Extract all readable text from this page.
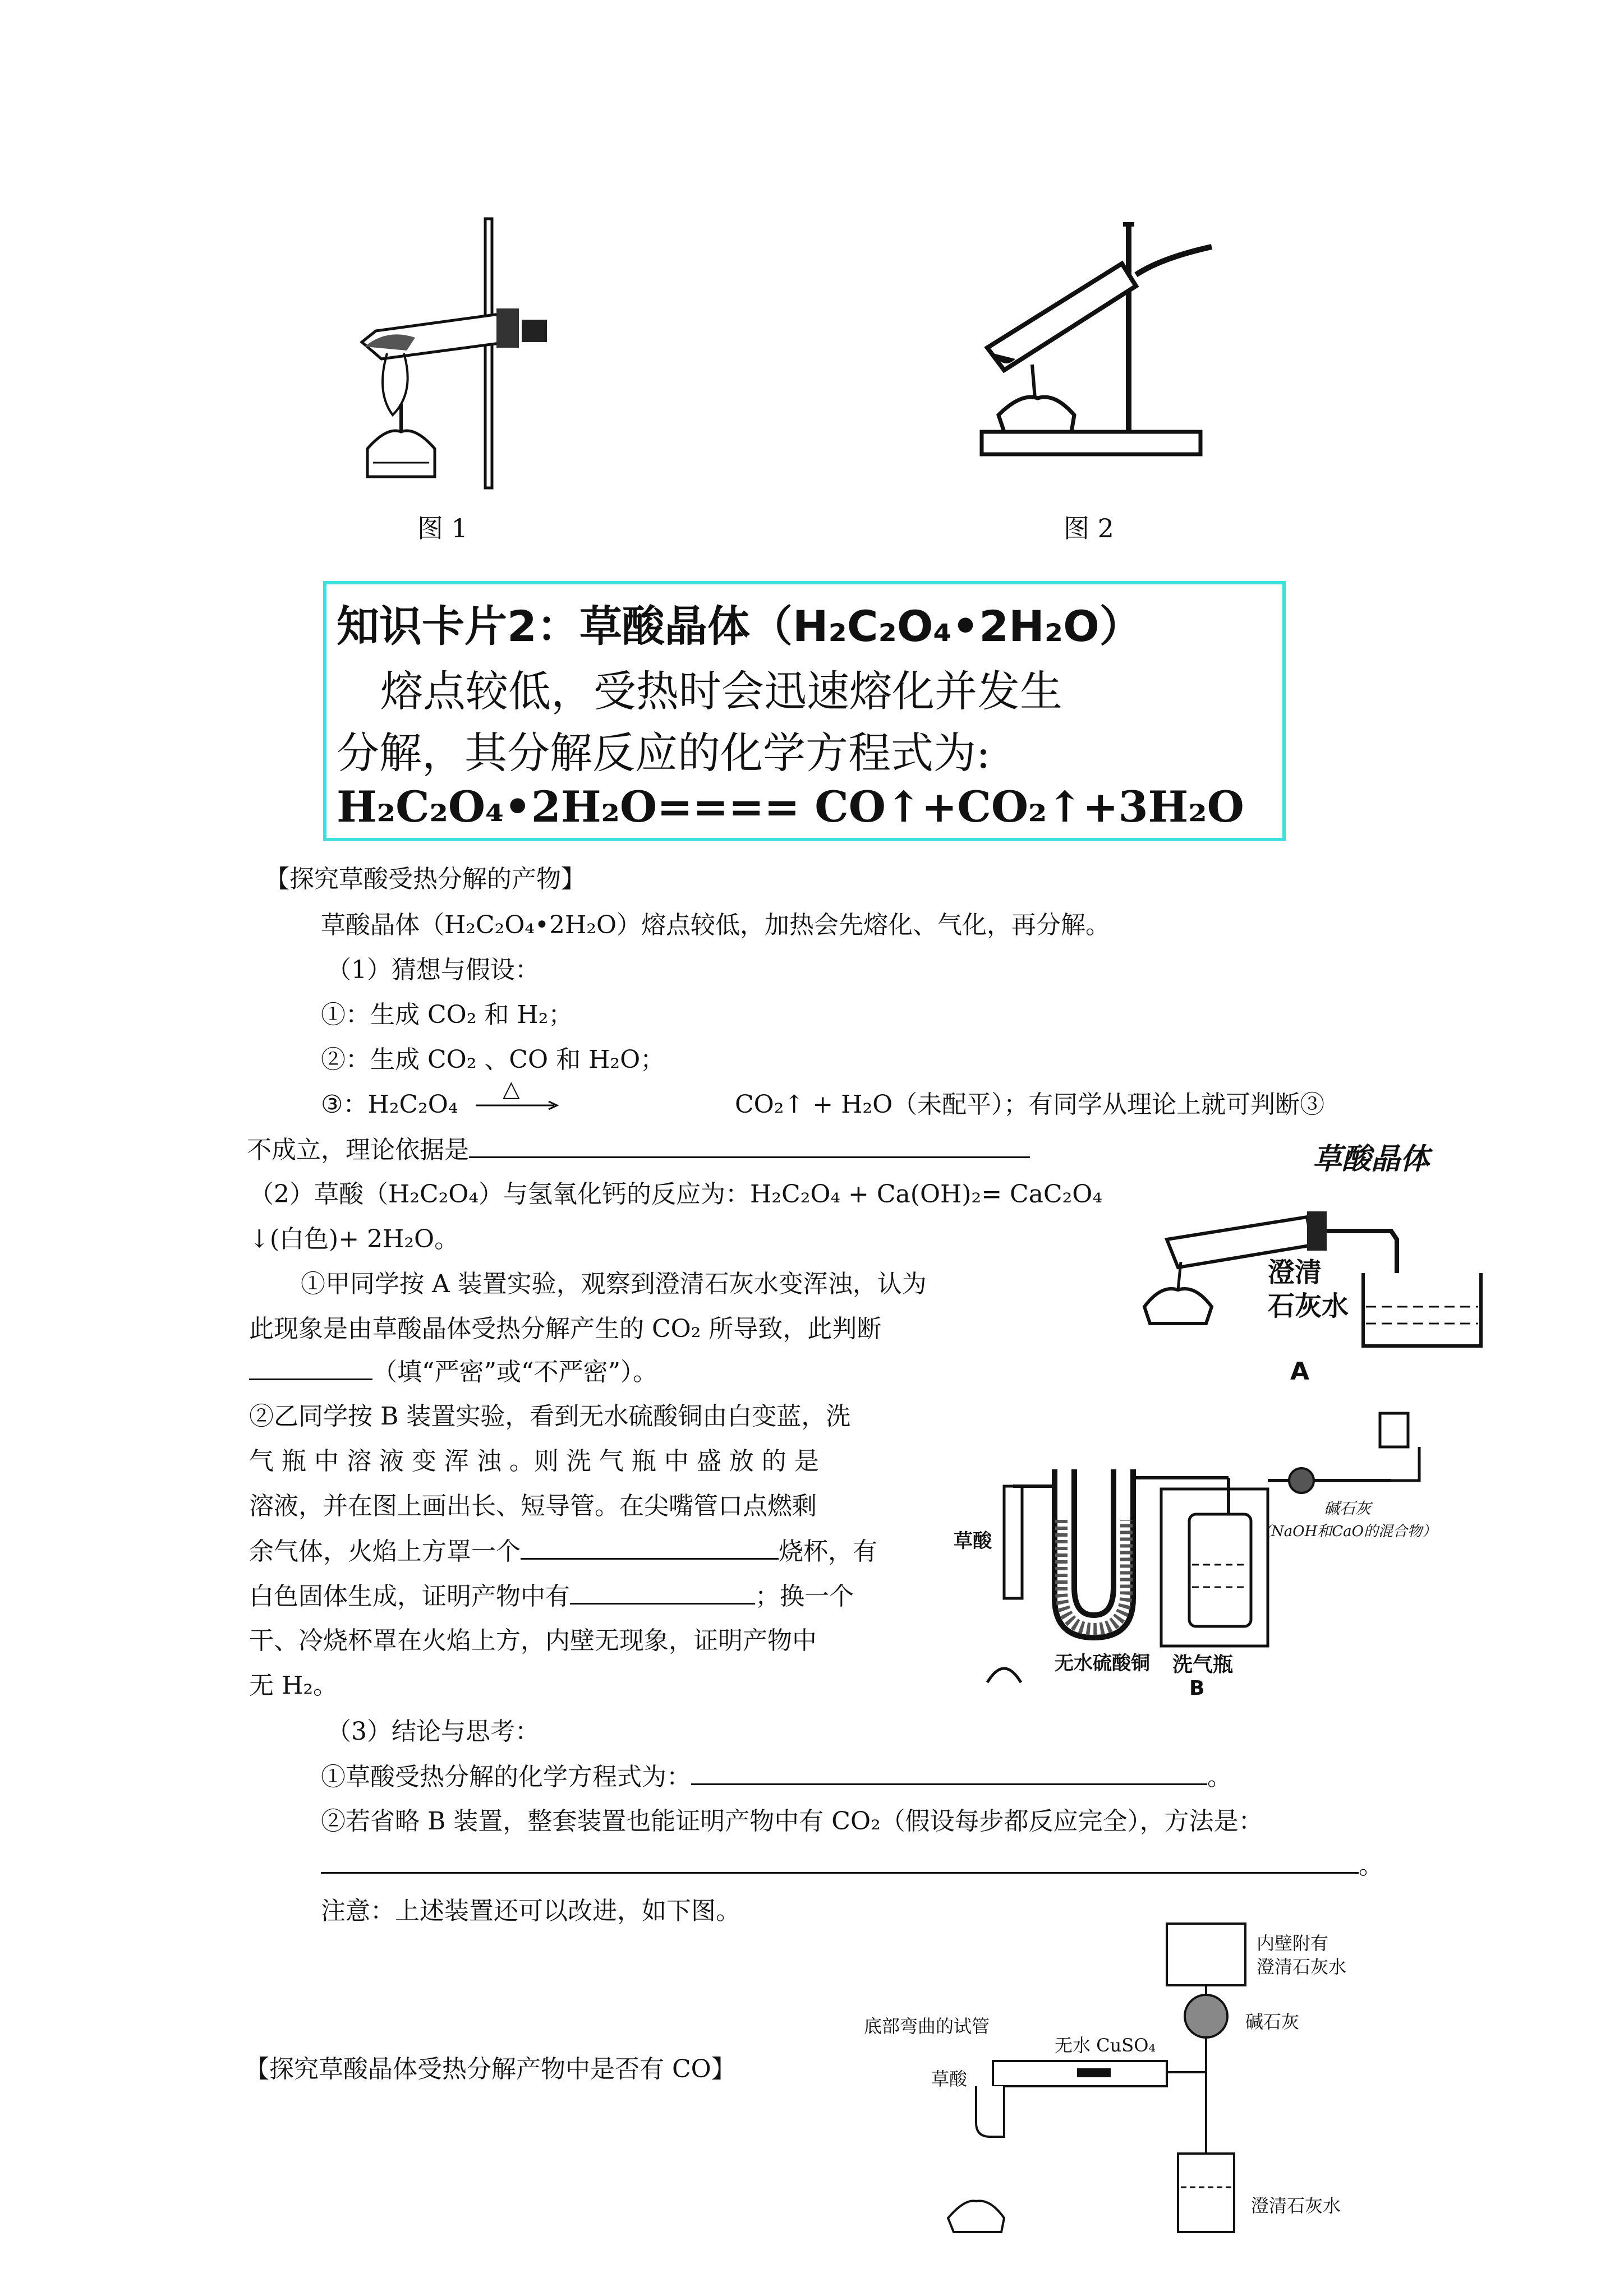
图 1	图 2
知识卡片2：草酸晶体（H₂C₂O₄•2H₂O）
熔点较低，受热时会迅速熔化并发生
分解，其分解反应的化学方程式为:
H₂C₂O₄•2H₂O==== CO↑+CO₂↑+3H₂O
【探究草酸受热分解的产物】
草酸晶体（H₂C₂O₄•2H₂O）熔点较低，加热会先熔化、气化，再分解。
（1）猜想与假设：
①：生成 CO₂ 和 H₂；
②：生成 CO₂ 、CO 和 H₂O；
③：H₂C₂O₄
△
CO₂↑ + H₂O（未配平）；有同学从理论上就可判断③
不成立，理论依据是
（2）草酸（H₂C₂O₄）与氢氧化钙的反应为：H₂C₂O₄ + Ca(OH)₂= CaC₂O₄
↓(白色)+ 2H₂O。
①甲同学按 A 装置实验，观察到澄清石灰水变浑浊，认为
此现象是由草酸晶体受热分解产生的 CO₂ 所导致，此判断
（填“严密”或“不严密”）。
②乙同学按 B 装置实验，看到无水硫酸铜由白变蓝，洗
气 瓶 中 溶 液 变 浑 浊 。则 洗 气 瓶 中 盛 放 的 是
溶液，并在图上画出长、短导管。在尖嘴管口点燃剩
余气体，火焰上方罩一个	烧杯，有
白色固体生成，证明产物中有	；换一个
干、冷烧杯罩在火焰上方，内壁无现象，证明产物中
无 H₂。
（3）结论与思考：
①草酸受热分解的化学方程式为：	。
②若省略 B 装置，整套装置也能证明产物中有 CO₂（假设每步都反应完全），方法是：
。
注意：上述装置还可以改进，如下图。
【探究草酸晶体受热分解产物中是否有 CO】
草酸晶体
澄清
石灰水
A
草酸
无水硫酸铜 洗气瓶
碱石灰
（NaOH和CaO的混合物）
B
底部弯曲的试管
无水 CuSO₄
草酸
内壁附有
澄清石灰水
碱石灰
澄清石灰水
